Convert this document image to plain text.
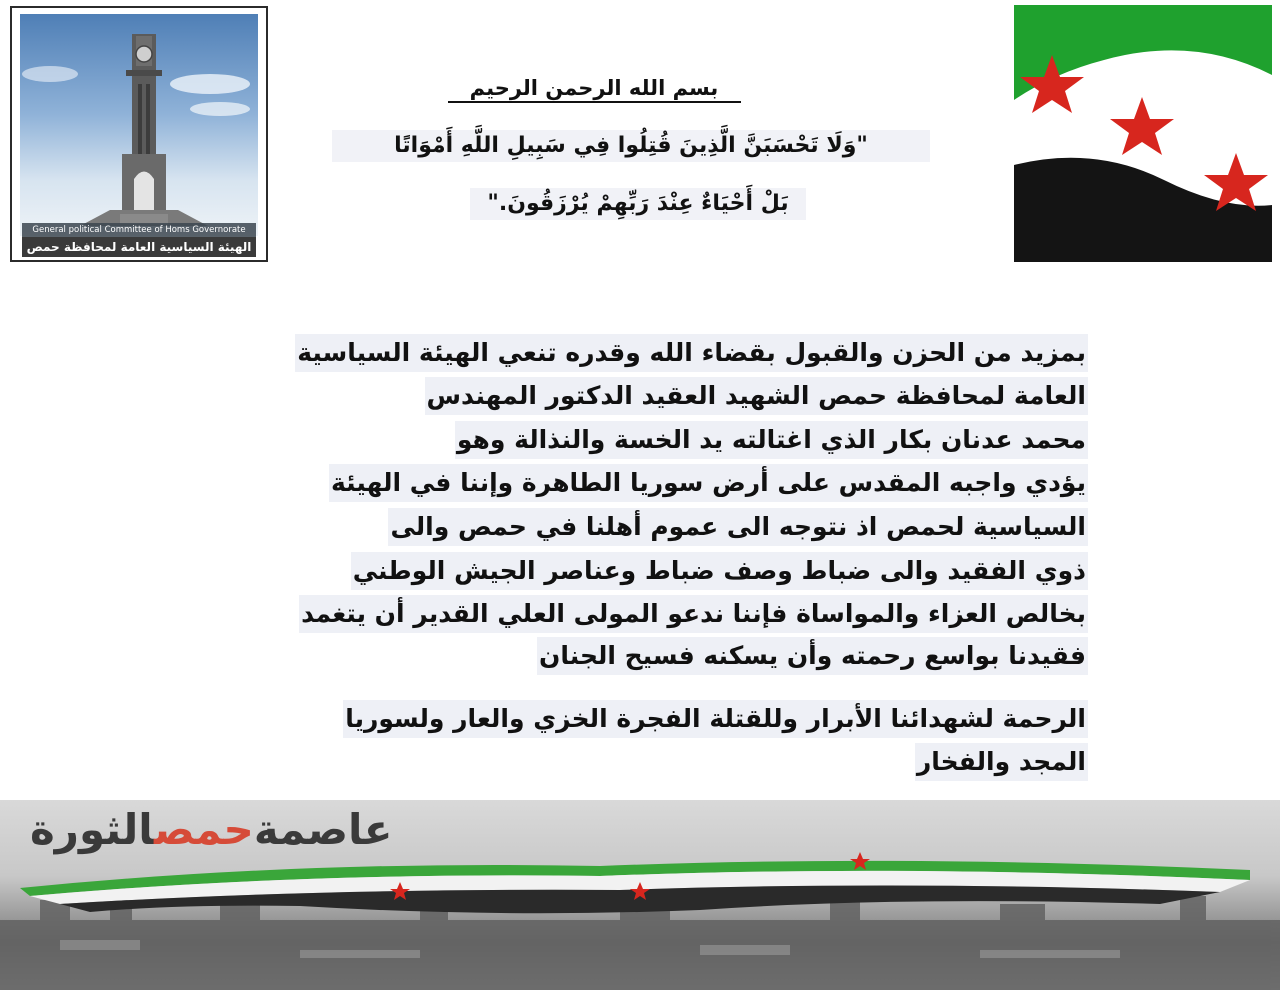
General political Committee of Homs Governorate
الهيئة السياسية العامة لمحافظة حمص
بسم الله الرحمن الرحيم
"وَلَا تَحْسَبَنَّ الَّذِينَ قُتِلُوا فِي سَبِيلِ اللَّهِ أَمْوَاتًا
بَلْ أَحْيَاءٌ عِنْدَ رَبِّهِمْ يُرْزَقُونَ."
بمزيد من الحزن والقبول بقضاء الله وقدره تنعي الهيئة السياسية
العامة لمحافظة حمص الشهيد العقيد الدكتور المهندس
محمد عدنان بكار الذي اغتالته يد الخسة والنذالة وهو
يؤدي واجبه المقدس على أرض سوريا الطاهرة وإننا في الهيئة
السياسية لحمص اذ نتوجه الى عموم أهلنا في حمص والى
ذوي الفقيد والى ضباط وصف ضباط وعناصر الجيش الوطني
بخالص العزاء والمواساة فإننا ندعو المولى العلي القدير أن يتغمد
فقيدنا بواسع رحمته وأن يسكنه فسيح الجنان
الرحمة لشهدائنا الأبرار وللقتلة الفجرة الخزي والعار ولسوريا
المجد والفخار
عاصمةحمصالثورة
